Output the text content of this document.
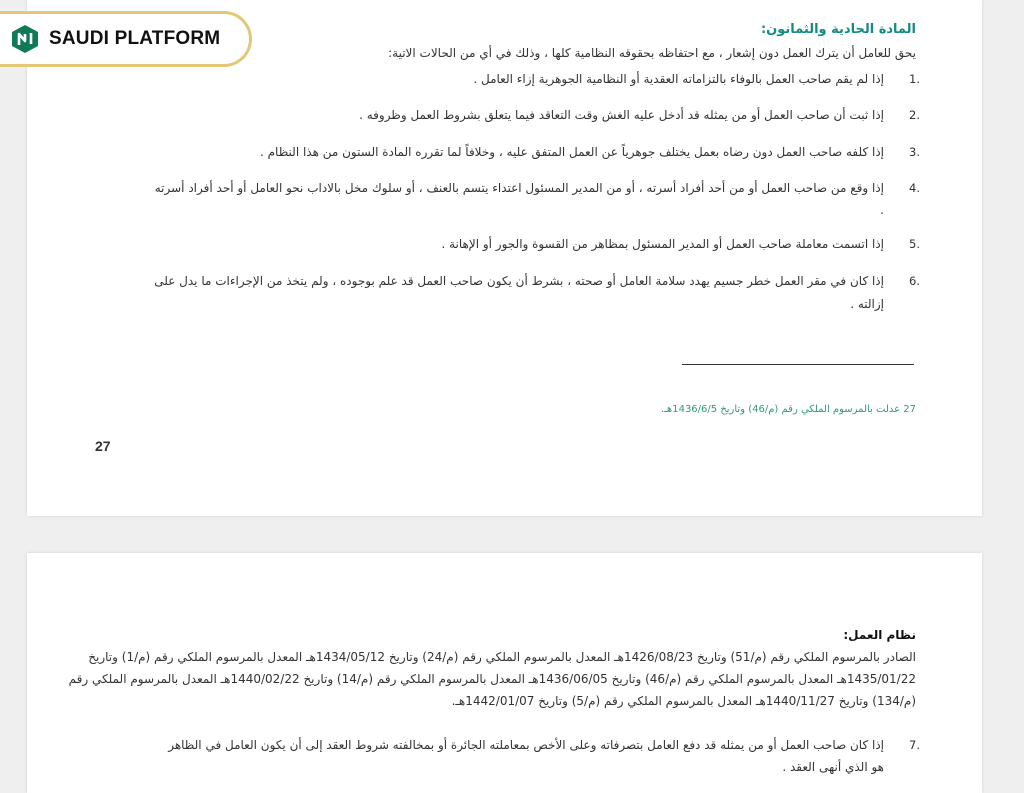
SAUDI PLATFORM	المادة الحادية والثمانون:
يحق للعامل أن يترك العمل دون إشعار ، مع احتفاظه بحقوقه النظامية كلها ، وذلك في أي من الحالات الاتية:
1.
إذا لم يقم صاحب العمل بالوفاء بالتزاماته العقدية أو النظامية الجوهرية إزاء العامل .
2.
إذا ثبت أن صاحب العمل أو من يمثله قد أدخل عليه الغش وقت التعاقد فيما يتعلق بشروط العمل وظروفه .
3.
إذا كلفه صاحب العمل دون رضاه بعمل يختلف جوهرياً عن العمل المتفق عليه ، وخلافاً لما تقرره المادة الستون من هذا النظام .
4.
إذا وقع من صاحب العمل أو من أحد أفراد أسرته ، أو من المدير المسئول اعتداء يتسم بالعنف ، أو سلوك مخل بالاداب نحو العامل أو أحد أفراد أسرته
.
5.
إذا اتسمت معاملة صاحب العمل أو المدير المسئول بمظاهر من القسوة والجور أو الإهانة .
6.
إذا كان في مقر العمل خطر جسيم يهدد سلامة العامل أو صحته ، بشرط أن يكون صاحب العمل قد علم بوجوده ، ولم يتخذ من الإجراءات ما يدل على
إزالته .
27 عدلت بالمرسوم الملكي رقم (م/46) وتاريخ 1436/6/5هـ.
27
نظام العمل:
الصادر بالمرسوم الملكي رقم (م/51) وتاريخ 1426/08/23هـ المعدل بالمرسوم الملكي رقم (م/24) وتاريخ 1434/05/12هـ المعدل بالمرسوم الملكي رقم (م/1) وتاريخ
1435/01/22هـ المعدل بالمرسوم الملكي رقم (م/46) وتاريخ 1436/06/05هـ المعدل بالمرسوم الملكي رقم (م/14) وتاريخ 1440/02/22هـ المعدل بالمرسوم الملكي رقم
(م/134) وتاريخ 1440/11/27هـ المعدل بالمرسوم الملكي رقم (م/5) وتاريخ 1442/01/07هـ.
7.
إذا كان صاحب العمل أو من يمثله قد دفع العامل بتصرفاته وعلى الأخص بمعاملته الجائرة أو بمخالفته شروط العقد إلى أن يكون العامل في الظاهر
هو الذي أنهى العقد .
